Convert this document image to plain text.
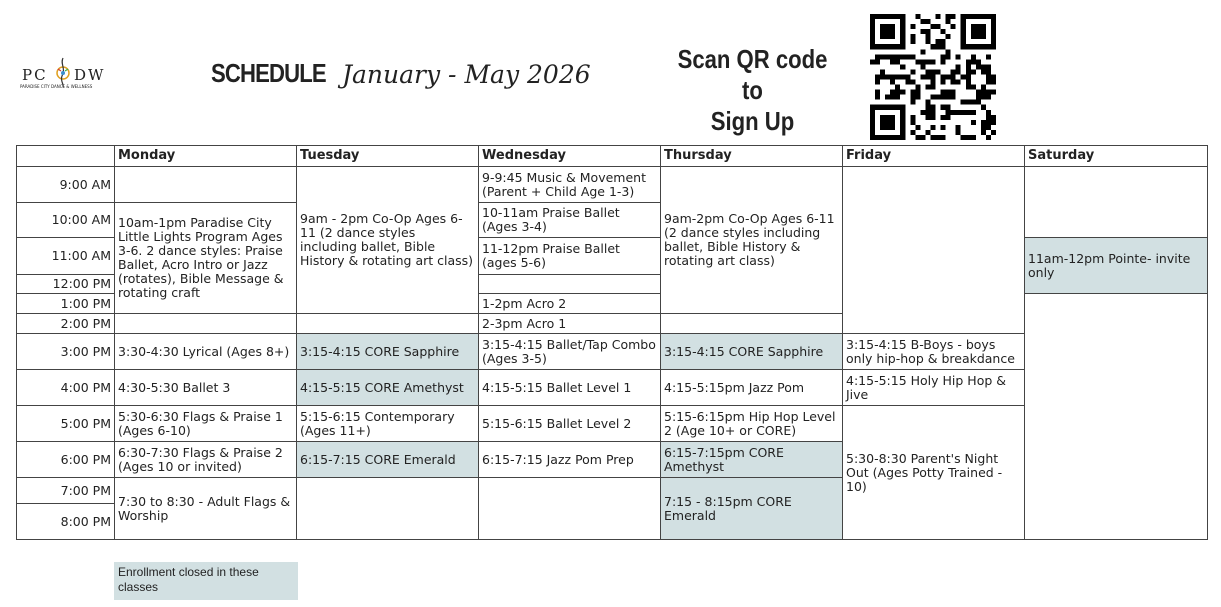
PC DW
PARADISE CITY DANCE & WELLNESS	SCHEDULE January - May 2026
Scan QR code to
Sign Up
	Monday	Tuesday	Wednesday	Thursday	Friday	Saturday
9:00 AM		9am - 2pm Co-Op Ages 6-11 (2 dance styles including ballet, Bible History & rotating art class)	9-9:45 Music & Movement (Parent + Child Age 1-3)	9am-2pm Co-Op Ages 6-11 (2 dance styles including ballet, Bible History & rotating art class)		
10:00 AM	10am-1pm Paradise City Little Lights Program Ages 3-6. 2 dance styles: Praise Ballet, Acro Intro or Jazz (rotates), Bible Message & rotating craft		10-11am Praise Ballet (Ages 3-4)			
11:00 AM			11-12pm Praise Ballet (ages 5-6)			11am-12pm Pointe- invite only
12:00 PM						
1:00 PM			1-2pm Acro 2			
2:00 PM			2-3pm Acro 1			
3:00 PM	3:30-4:30 Lyrical (Ages 8+)	3:15-4:15 CORE Sapphire	3:15-4:15 Ballet/Tap Combo (Ages 3-5)	3:15-4:15 CORE Sapphire	3:15-4:15 B-Boys - boys only hip-hop & breakdance	
4:00 PM	4:30-5:30 Ballet 3	4:15-5:15 CORE Amethyst	4:15-5:15 Ballet Level 1	4:15-5:15pm Jazz Pom	4:15-5:15 Holy Hip Hop & Jive	
5:00 PM	5:30-6:30 Flags & Praise 1 (Ages 6-10)	5:15-6:15 Contemporary (Ages 11+)	5:15-6:15 Ballet Level 2	5:15-6:15pm Hip Hop Level 2 (Age 10+ or CORE)	5:30-8:30 Parent's Night Out (Ages Potty Trained - 10)	
6:00 PM	6:30-7:30 Flags & Praise 2 (Ages 10 or invited)	6:15-7:15 CORE Emerald	6:15-7:15 Jazz Pom Prep	6:15-7:15pm CORE Amethyst		
7:00 PM	7:30 to 8:30 - Adult Flags & Worship			7:15 - 8:15pm CORE Emerald		
8:00 PM						
Enrollment closed in these classes
